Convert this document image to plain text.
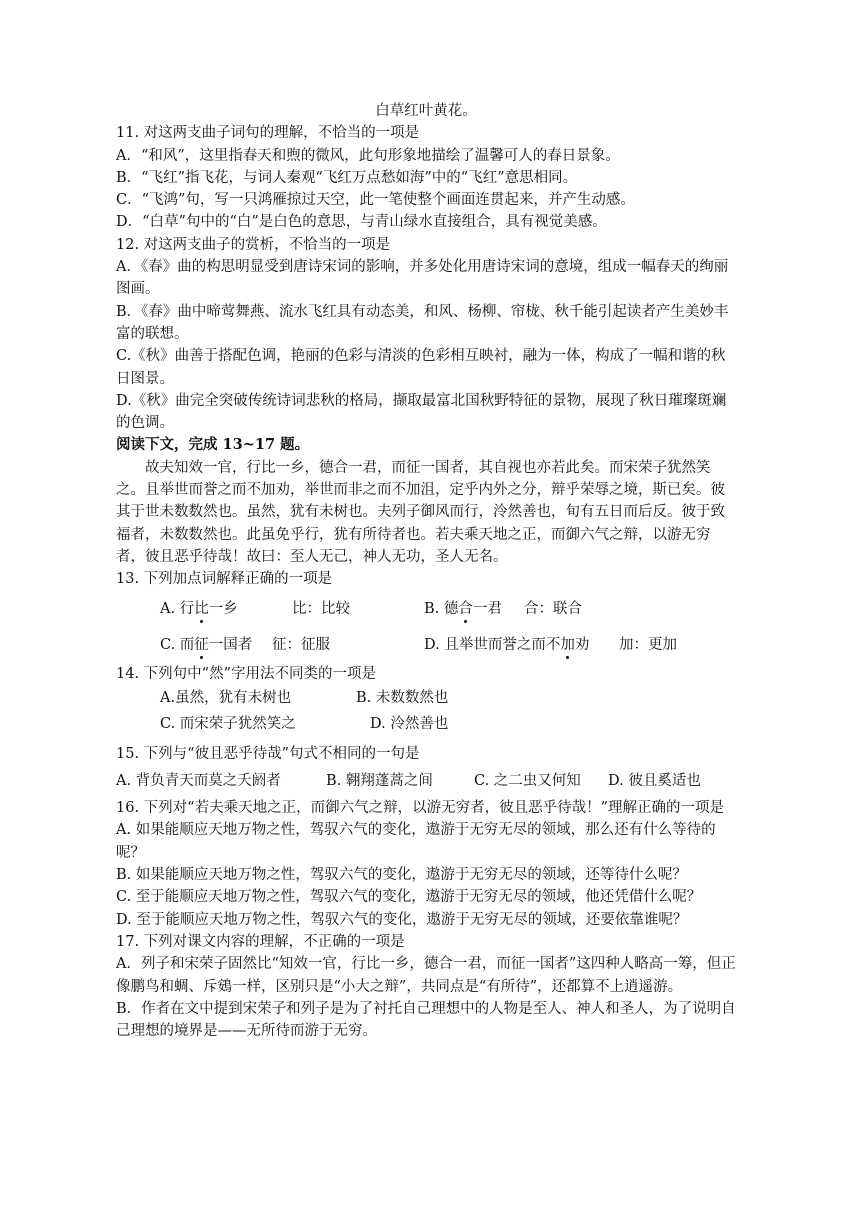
白草红叶黄花。
11. 对这两支曲子词句的理解，不恰当的一项是
A．“和风”，这里指春天和煦的微风，此句形象地描绘了温馨可人的春日景象。
B．“飞红”指飞花，与词人秦观“飞红万点愁如海”中的“飞红”意思相同。
C．“飞鸿”句，写一只鸿雁掠过天空，此一笔使整个画面连贯起来，并产生动感。
D．“白草”句中的“白”是白色的意思，与青山绿水直接组合，具有视觉美感。
12. 对这两支曲子的赏析，不恰当的一项是
A．《春》曲的构思明显受到唐诗宋词的影响，并多处化用唐诗宋词的意境，组成一幅春天的绚丽图画。
B．《春》曲中啼莺舞燕、流水飞红具有动态美，和风、杨柳、帘栊、秋千能引起读者产生美妙丰富的联想。
C.《秋》曲善于搭配色调，艳丽的色彩与清淡的色彩相互映衬，融为一体，构成了一幅和谐的秋日图景。
D.《秋》曲完全突破传统诗词悲秋的格局，撷取最富北国秋野特征的景物，展现了秋日璀璨斑斓的色调。
阅读下文，完成 13~17 题。
故夫知效一官，行比一乡，德合一君，而征一国者，其自视也亦若此矣。而宋荣子犹然笑之。且举世而誉之而不加劝，举世而非之而不加沮，定乎内外之分，辩乎荣辱之境，斯已矣。彼其于世未数数然也。虽然，犹有未树也。夫列子御风而行，泠然善也，旬有五日而后反。彼于致福者，未数数然也。此虽免乎行，犹有所待者也。若夫乘天地之正，而御六气之辩，以游无穷者，彼且恶乎待哉！故曰：至人无己，神人无功，圣人无名。
13. 下列加点词解释正确的一项是
A. 行比一乡	比：比较	B. 德合一君	合：联合
C. 而征一国者	征：征服	D. 且举世而誉之而不加劝	加：更加
14. 下列句中“然”字用法不同类的一项是
A.虽然，犹有未树也	B. 未数数然也
C. 而宋荣子犹然笑之	D. 泠然善也
15. 下列与“彼且恶乎待哉”句式不相同的一句是
A. 背负青天而莫之夭阏者	B. 翱翔蓬蒿之间	C. 之二虫又何知	D. 彼且奚适也
16. 下列对“若夫乘天地之正，而御六气之辩，以游无穷者，彼且恶乎待哉！”理解正确的一项是
A. 如果能顺应天地万物之性，驾驭六气的变化，遨游于无穷无尽的领域，那么还有什么等待的呢？
B. 如果能顺应天地万物之性，驾驭六气的变化，遨游于无穷无尽的领域，还等待什么呢？
C. 至于能顺应天地万物之性，驾驭六气的变化，遨游于无穷无尽的领域，他还凭借什么呢？
D. 至于能顺应天地万物之性，驾驭六气的变化，遨游于无穷无尽的领域，还要依靠谁呢？
17. 下列对课文内容的理解，不正确的一项是
A．列子和宋荣子固然比“知效一官，行比一乡，德合一君，而征一国者”这四种人略高一筹，但正像鹏鸟和蜩、斥鴳一样，区别只是“小大之辩”，共同点是“有所待”，还都算不上逍遥游。
B．作者在文中提到宋荣子和列子是为了衬托自己理想中的人物是至人、神人和圣人，为了说明自己理想的境界是——无所待而游于无穷。
